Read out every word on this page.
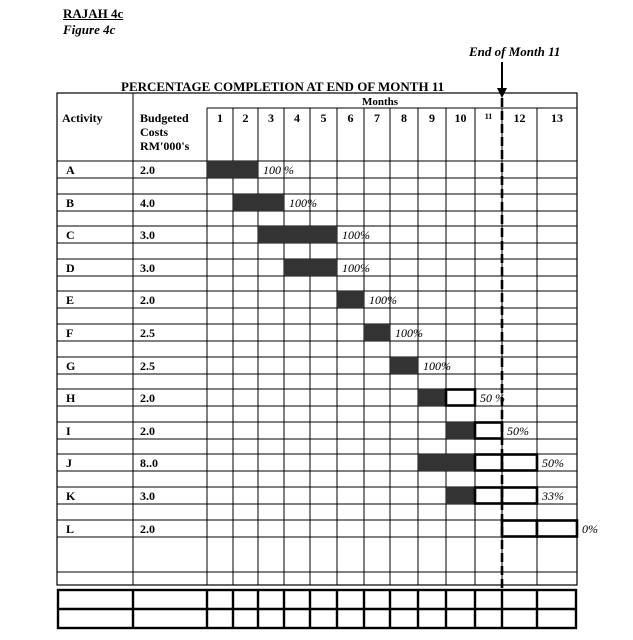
RAJAH 4c
Figure 4c
End of Month 11
PERCENTAGE COMPLETION AT END OF MONTH 11
Months
Activity	Budgeted
Costs
RM'000's
1 2 3 4 5 6 7 8 9 10 11 12 13
A	2.0	100 %
B	4.0	100%
C	3.0	100%
D	3.0	100%
E	2.0	100%
F	2.5	100%
G	2.5	100%
H	2.0	50 %
I	2.0	50%
J	8..0	50%
K	3.0	33%
L	2.0	0%
